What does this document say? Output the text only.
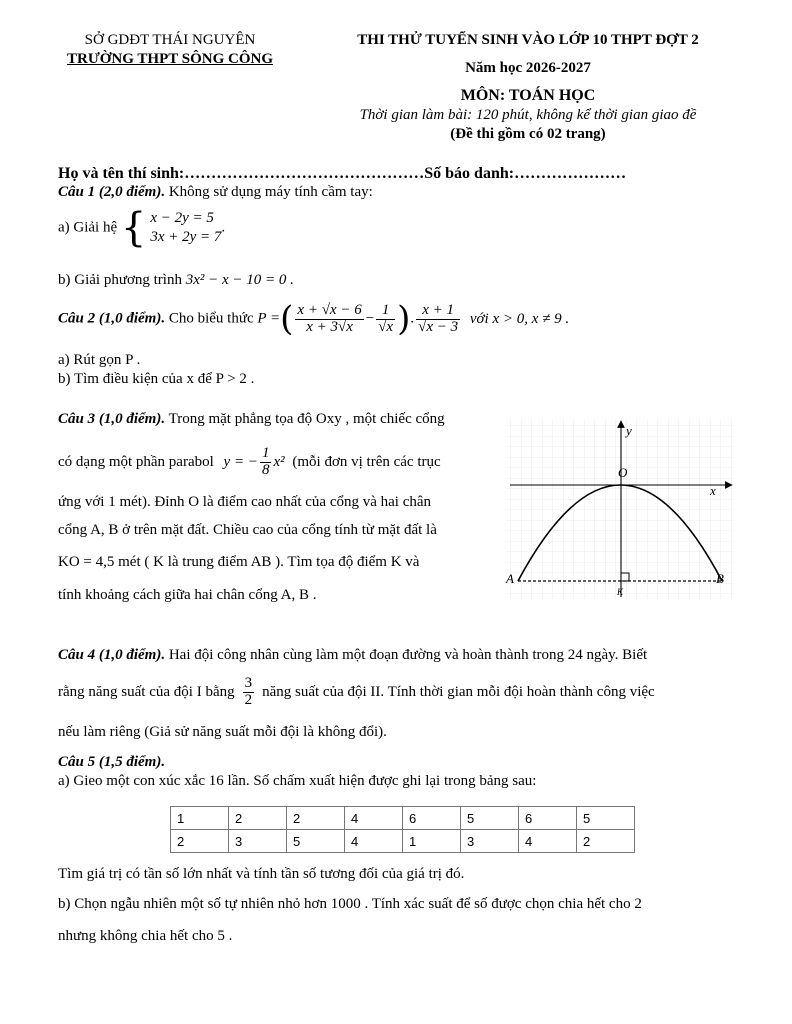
SỞ GDĐT THÁI NGUYÊN
TRƯỜNG THPT SÔNG CÔNG
THI THỬ TUYỂN SINH VÀO LỚP 10 THPT ĐỢT 2
Năm học 2026-2027
MÔN: TOÁN HỌC
Thời gian làm bài: 120 phút, không kể thời gian giao đề
(Đề thi gồm có 02 trang)
Họ và tên thí sinh:………………………………………Số báo danh:…………………
Câu 1 (2,0 điểm). Không sử dụng máy tính cầm tay:
a) Giải hệ { x − 2y = 5
3x + 2y = 7
.
b) Giải phương trình 3x² − x − 10 = 0 .
Câu 2 (1,0 điểm). Cho biểu thức P =( $\frac{x + √x - 6}{x + 3√x} - \frac{1}{√x}$ ). $\frac{x + 1}{√x - 3}$ với x > 0, x ≠ 9 .
a) Rút gọn P .
b) Tìm điều kiện của x để P > 2 .
Câu 3 (1,0 điểm). Trong mặt phẳng tọa độ Oxy , một chiếc cổng
có dạng một phần parabol y = − $\frac{1}{8} x^2$ (mỗi đơn vị trên các trục
ứng với 1 mét). Đỉnh O là điểm cao nhất của cổng và hai chân
cổng A, B ở trên mặt đất. Chiều cao của cổng tính từ mặt đất là
KO = 4,5 mét ( K là trung điểm AB ). Tìm tọa độ điểm K và
tính khoảng cách giữa hai chân cổng A, B .
y
x
O
A	B
K
Câu 4 (1,0 điểm). Hai đội công nhân cùng làm một đoạn đường và hoàn thành trong 24 ngày. Biết
rằng năng suất của đội I bằng $\frac{3}{2}$ năng suất của đội II. Tính thời gian mỗi đội hoàn thành công việc
nếu làm riêng (Giả sử năng suất mỗi đội là không đổi).
Câu 5 (1,5 điểm).
a) Gieo một con xúc xắc 16 lần. Số chấm xuất hiện được ghi lại trong bảng sau:
1	2	2	4	6	5	6	5
2	3	5	4	1	3	4	2
Tìm giá trị có tần số lớn nhất và tính tần số tương đối của giá trị đó.
b) Chọn ngẫu nhiên một số tự nhiên nhỏ hơn 1000 . Tính xác suất để số được chọn chia hết cho 2
nhưng không chia hết cho 5 .
